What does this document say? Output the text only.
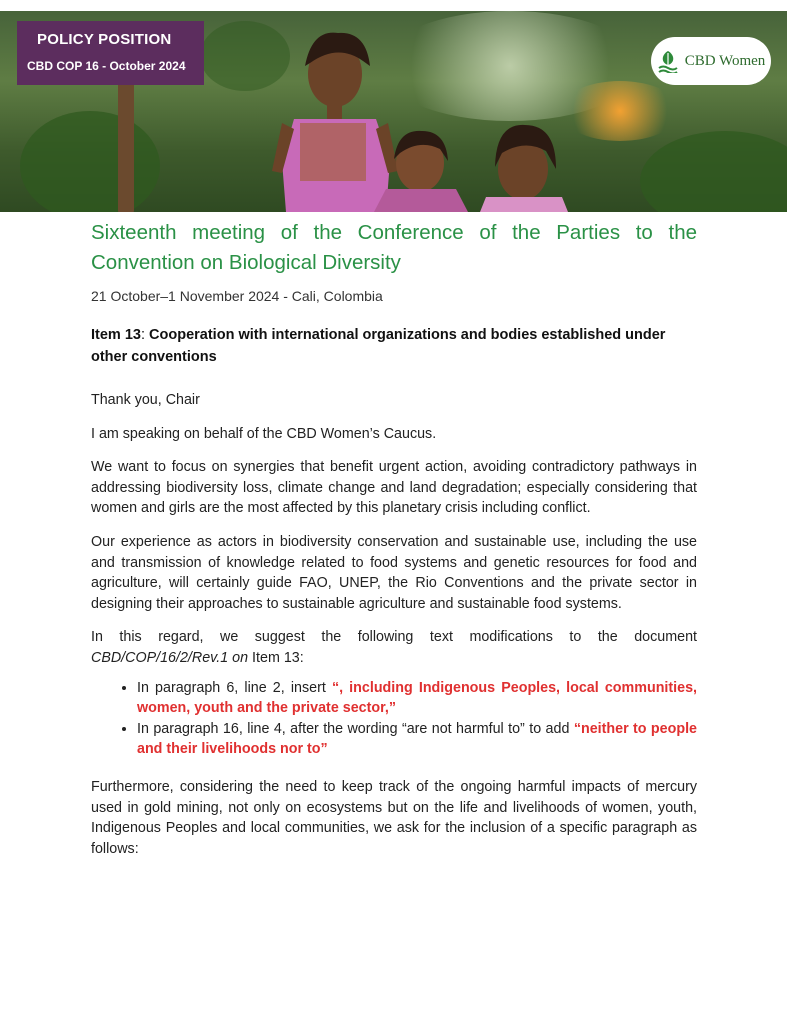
POLICY POSITION
CBD COP 16 - October 2024	CBD Women
Sixteenth meeting of the Conference of the Parties to the Convention on Biological Diversity
21 October–1 November 2024 - Cali, Colombia
Item 13: Cooperation with international organizations and bodies established under other conventions

Thank you, Chair

I am speaking on behalf of the CBD Women’s Caucus.

We want to focus on synergies that benefit urgent action, avoiding contradictory pathways in addressing biodiversity loss, climate change and land degradation; especially considering that women and girls are the most affected by this planetary crisis including conflict.

Our experience as actors in biodiversity conservation and sustainable use, including the use and transmission of knowledge related to food systems and genetic resources for food and agriculture, will certainly guide FAO, UNEP, the Rio Conventions and the private sector in designing their approaches to sustainable agriculture and sustainable food systems.

In this regard, we suggest the following text modifications to the document CBD/COP/16/2/Rev.1 on Item 13:

• In paragraph 6, line 2, insert “, including Indigenous Peoples, local communities, women, youth and the private sector,”
• In paragraph 16, line 4, after the wording “are not harmful to” to add “neither to people and their livelihoods nor to”

Furthermore, considering the need to keep track of the ongoing harmful impacts of mercury used in gold mining, not only on ecosystems but on the life and livelihoods of women, youth, Indigenous Peoples and local communities, we ask for the inclusion of a specific paragraph as follows:
